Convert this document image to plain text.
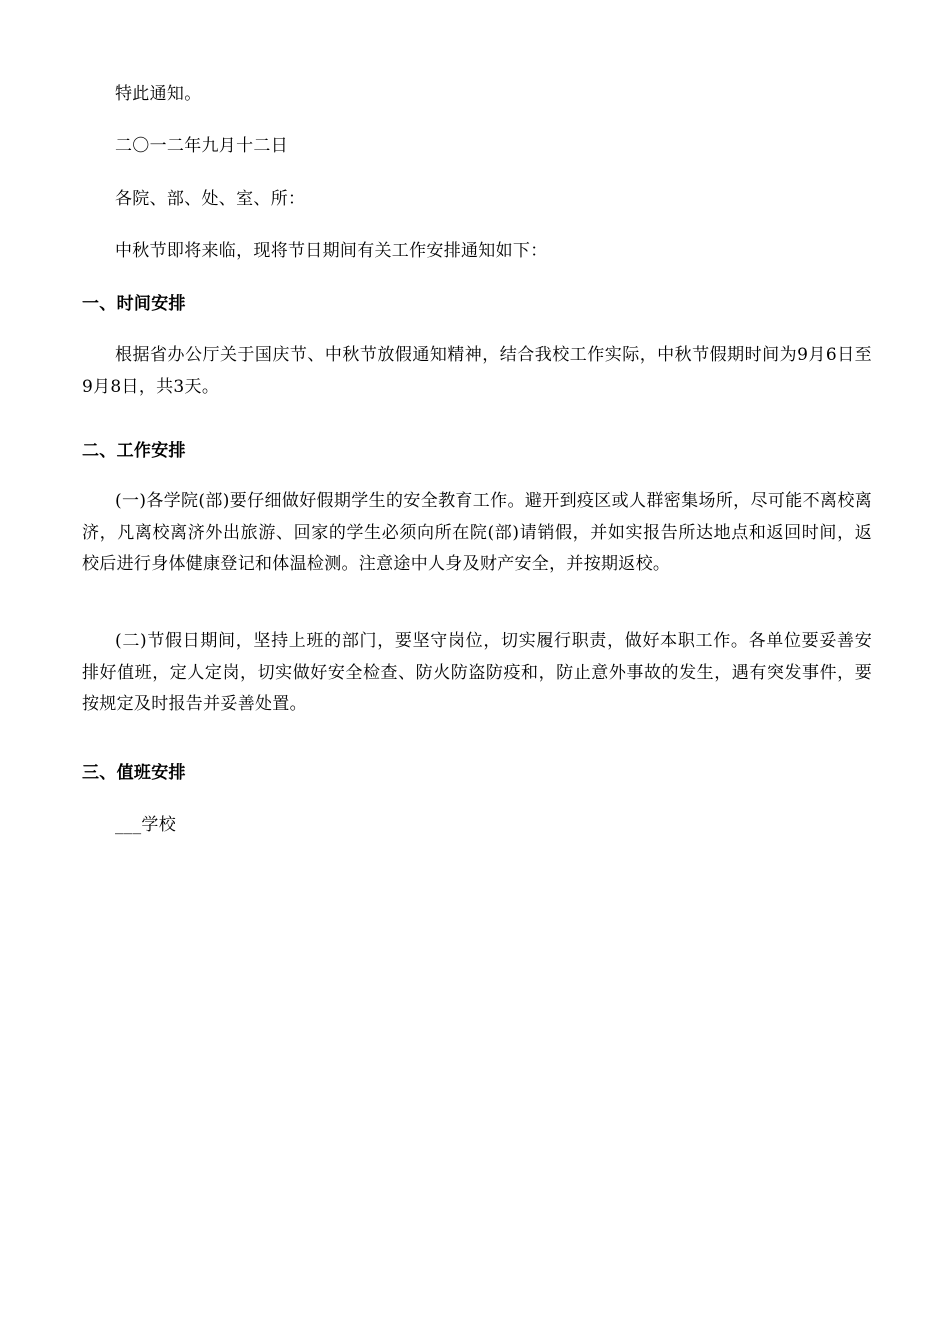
特此通知。
二〇一二年九月十二日
各院、部、处、室、所：
中秋节即将来临，现将节日期间有关工作安排通知如下：
一、时间安排
根据省办公厅关于国庆节、中秋节放假通知精神，结合我校工作实际，中秋节假期时间为9月6日至9月8日，共3天。
二、工作安排
(一)各学院(部)要仔细做好假期学生的安全教育工作。避开到疫区或人群密集场所，尽可能不离校离济，凡离校离济外出旅游、回家的学生必须向所在院(部)请销假，并如实报告所达地点和返回时间，返校后进行身体健康登记和体温检测。注意途中人身及财产安全，并按期返校。
(二)节假日期间，坚持上班的部门，要坚守岗位，切实履行职责，做好本职工作。各单位要妥善安排好值班，定人定岗，切实做好安全检查、防火防盗防疫和，防止意外事故的发生，遇有突发事件，要按规定及时报告并妥善处置。
三、值班安排
___学校
